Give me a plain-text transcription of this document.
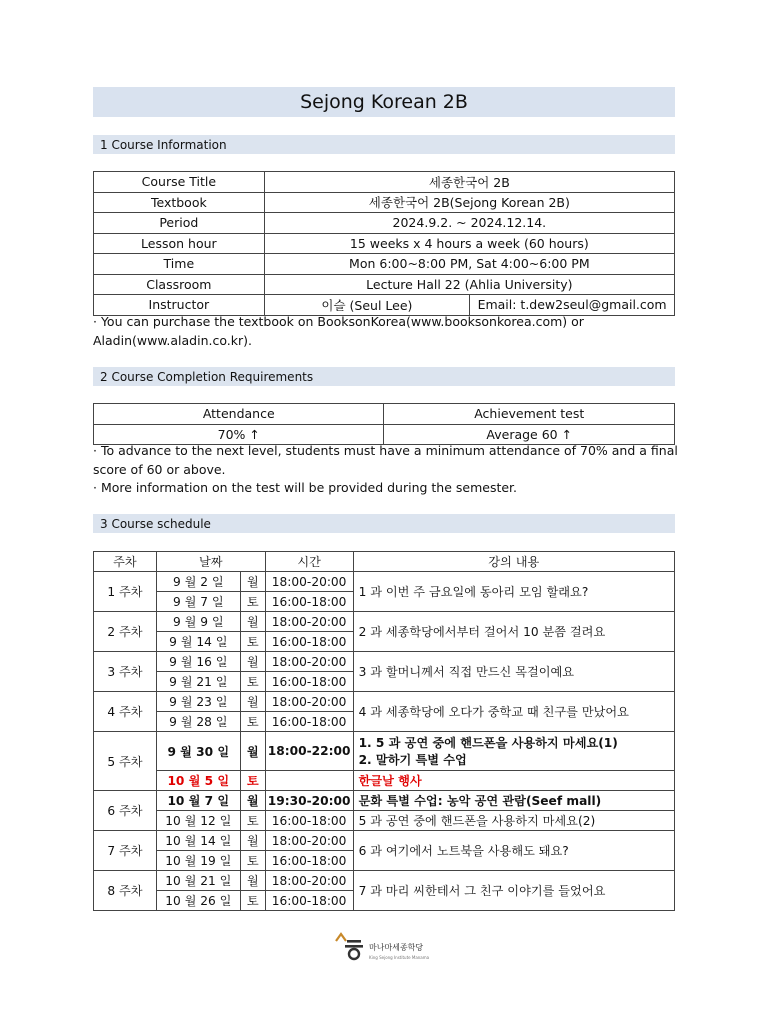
Sejong Korean 2B
1 Course Information
Course Title	세종한국어 2B	
Textbook	세종한국어 2B(Sejong Korean 2B)	
Period	2024.9.2. ~ 2024.12.14.	
Lesson hour	15 weeks x 4 hours a week (60 hours)	
Time	Mon 6:00~8:00 PM, Sat 4:00~6:00 PM	
Classroom	Lecture Hall 22 (Ahlia University)	
Instructor	이슬 (Seul Lee)	Email: t.dew2seul@gmail.com
· You can purchase the textbook on BooksonKorea(www.booksonkorea.com) or Aladin(www.aladin.co.kr).
2 Course Completion Requirements
Attendance	Achievement test
70% ↑	Average 60 ↑
· To advance to the next level, students must have a minimum attendance of 70% and a final score of 60 or above.
· More information on the test will be provided during the semester.
3 Course schedule
주차	날짜		시간	강의 내용
1 주차	9 월 2 일	월	18:00-20:00	1 과 이번 주 금요일에 동아리 모임 할래요?
	9 월 7 일	토	16:00-18:00	
2 주차	9 월 9 일	월	18:00-20:00	2 과 세종학당에서부터 걸어서 10 분쯤 걸려요
	9 월 14 일	토	16:00-18:00	
3 주차	9 월 16 일	월	18:00-20:00	3 과 할머니께서 직접 만드신 목걸이예요
	9 월 21 일	토	16:00-18:00	
4 주차	9 월 23 일	월	18:00-20:00	4 과 세종학당에 오다가 중학교 때 친구를 만났어요
	9 월 28 일	토	16:00-18:00	
5 주차	9 월 30 일	월	18:00-22:00	1. 5 과 공연 중에 핸드폰을 사용하지 마세요(1)
2. 말하기 특별 수업

	10 월 5 일	토		한글날 행사
6 주차	10 월 7 일	월	19:30-20:00	문화 특별 수업: 농악 공연 관람(Seef mall)
	10 월 12 일	토	16:00-18:00	5 과 공연 중에 핸드폰을 사용하지 마세요(2)
7 주차	10 월 14 일	월	18:00-20:00	6 과 여기에서 노트북을 사용해도 돼요?
	10 월 19 일	토	16:00-18:00	
8 주차	10 월 21 일	월	18:00-20:00	7 과 마리 씨한테서 그 친구 이야기를 들었어요
	10 월 26 일	토	16:00-18:00	
마나마세종학당
King Sejong Institute Manama
